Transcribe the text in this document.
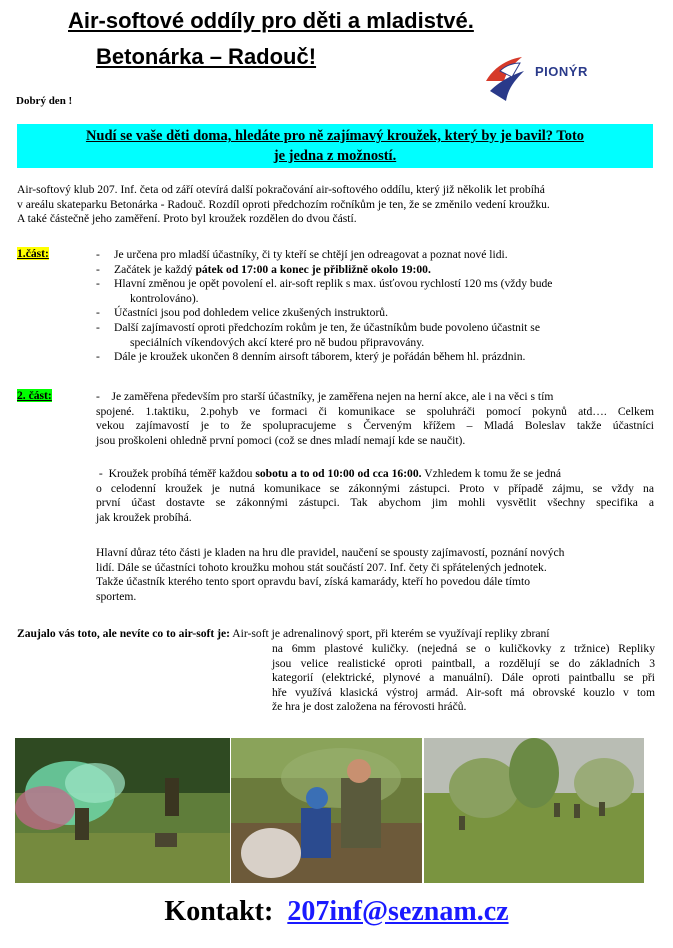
Air-softové oddíly pro děti a mladistvé.
Betonárka – Radouč!
PIONÝR
Dobrý den !
Nudí se vaše děti doma, hledáte pro ně zajímavý kroužek, který by je bavil? Toto
je jedna z možností.
Air-softový klub 207. Inf. četa od září otevírá další pokračování air-softového oddílu, který již několik let probíhá
v areálu skateparku Betonárka - Radouč. Rozdíl oproti předchozím ročníkům je ten, že se změnilo vedení kroužku.
A také částečně jeho zaměření. Proto byl kroužek rozdělen do dvou částí.
1.část:	- Je určena pro mladší účastníky, či ty kteří se chtějí jen odreagovat a poznat nové lidi.
- Začátek je každý pátek od 17:00 a konec je přibližně okolo 19:00.
- Hlavní změnou je opět povolení el. air-soft replik s max. úsťovou rychlostí 120 ms (vždy bude
kontrolováno).
- Účastníci jsou pod dohledem velice zkušených instruktorů.
- Další zajímavostí oproti předchozím rokům je ten, že účastníkům bude povoleno účastnit se
speciálních víkendových akcí které pro ně budou připravovány.
- Dále je kroužek ukončen 8 denním airsoft táborem, který je pořádán během hl. prázdnin.
2. část:	- Je zaměřena především pro starší účastníky, je zaměřena nejen na herní akce, ale i na věci s tím
spojené. 1.taktiku, 2.pohyb ve formaci či komunikace se spoluhráči pomocí pokynů atd…. Celkem
vekou zajímavostí je to že spolupracujeme s Červeným křížem – Mladá Boleslav takže účastníci
jsou proškoleni ohledně první pomoci (což se dnes mladí nemají kde se naučit).
- Kroužek probíhá téměř každou sobotu a to od 10:00 od cca 16:00. Vzhledem k tomu že se jedná
o celodenní kroužek je nutná komunikace se zákonnými zástupci. Proto v případě zájmu, se vždy na
první účast dostavte se zákonnými zástupci. Tak abychom jim mohli vysvětlit všechny specifika a
jak kroužek probíhá.
Hlavní důraz této části je kladen na hru dle pravidel, naučení se spousty zajímavostí, poznání nových
lidí. Dále se účastníci tohoto kroužku mohou stát součástí 207. Inf. čety či spřátelených jednotek.
Takže účastník kterého tento sport opravdu baví, získá kamarády, kteří ho povedou dále tímto
sportem.
Zaujalo vás toto, ale nevíte co to air-soft je: Air-soft je adrenalinový sport, při kterém se využívají repliky zbraní
na 6mm plastové kuličky. (nejedná se o kuličkovky z tržnice) Repliky
jsou velice realistické oproti paintball, a rozdělují se do základních 3
kategorií (elektrické, plynové a manuální). Dále oproti paintballu se při
hře využívá klasická výstroj armád. Air-soft má obrovské kouzlo v tom
že hra je dost založena na férovosti hráčů.
Kontakt: 207inf@seznam.cz
